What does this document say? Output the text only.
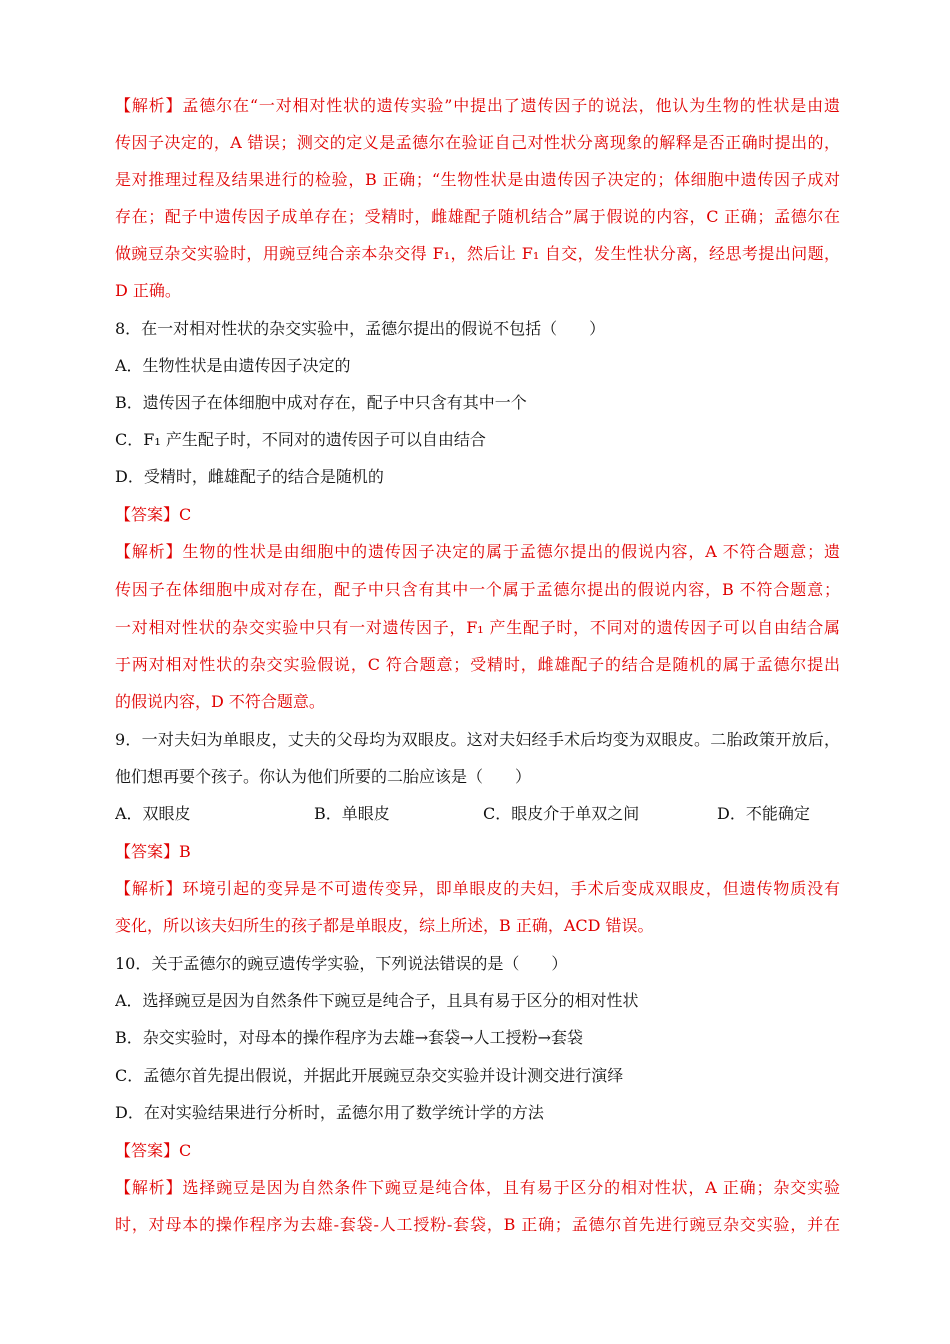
【解析】孟德尔在“一对相对性状的遗传实验”中提出了遗传因子的说法，他认为生物的性状是由遗
传因子决定的，A 错误；测交的定义是孟德尔在验证自己对性状分离现象的解释是否正确时提出的，
是对推理过程及结果进行的检验，B 正确；“生物性状是由遗传因子决定的；体细胞中遗传因子成对
存在；配子中遗传因子成单存在；受精时，雌雄配子随机结合”属于假说的内容，C 正确；孟德尔在
做豌豆杂交实验时，用豌豆纯合亲本杂交得 F₁，然后让 F₁ 自交，发生性状分离，经思考提出问题，
D 正确。
8．在一对相对性状的杂交实验中，孟德尔提出的假说不包括（　　）
A．生物性状是由遗传因子决定的
B．遗传因子在体细胞中成对存在，配子中只含有其中一个
C．F₁ 产生配子时，不同对的遗传因子可以自由结合
D．受精时，雌雄配子的结合是随机的
【答案】C
【解析】生物的性状是由细胞中的遗传因子决定的属于孟德尔提出的假说内容，A 不符合题意；遗
传因子在体细胞中成对存在，配子中只含有其中一个属于孟德尔提出的假说内容，B 不符合题意；
一对相对性状的杂交实验中只有一对遗传因子，F₁ 产生配子时，不同对的遗传因子可以自由结合属
于两对相对性状的杂交实验假说，C 符合题意；受精时，雌雄配子的结合是随机的属于孟德尔提出
的假说内容，D 不符合题意。
9．一对夫妇为单眼皮，丈夫的父母均为双眼皮。这对夫妇经手术后均变为双眼皮。二胎政策开放后，
他们想再要个孩子。你认为他们所要的二胎应该是（　　）
A．双眼皮	B．单眼皮	C．眼皮介于单双之间	D．不能确定
【答案】B
【解析】环境引起的变异是不可遗传变异，即单眼皮的夫妇，手术后变成双眼皮，但遗传物质没有
变化，所以该夫妇所生的孩子都是单眼皮，综上所述，B 正确，ACD 错误。
10．关于孟德尔的豌豆遗传学实验，下列说法错误的是（　　）
A．选择豌豆是因为自然条件下豌豆是纯合子，且具有易于区分的相对性状
B．杂交实验时，对母本的操作程序为去雄→套袋→人工授粉→套袋
C．孟德尔首先提出假说，并据此开展豌豆杂交实验并设计测交进行演绎
D．在对实验结果进行分析时，孟德尔用了数学统计学的方法
【答案】C
【解析】选择豌豆是因为自然条件下豌豆是纯合体，且有易于区分的相对性状，A 正确；杂交实验
时，对母本的操作程序为去雄-套袋-人工授粉-套袋，B 正确；孟德尔首先进行豌豆杂交实验，并在
